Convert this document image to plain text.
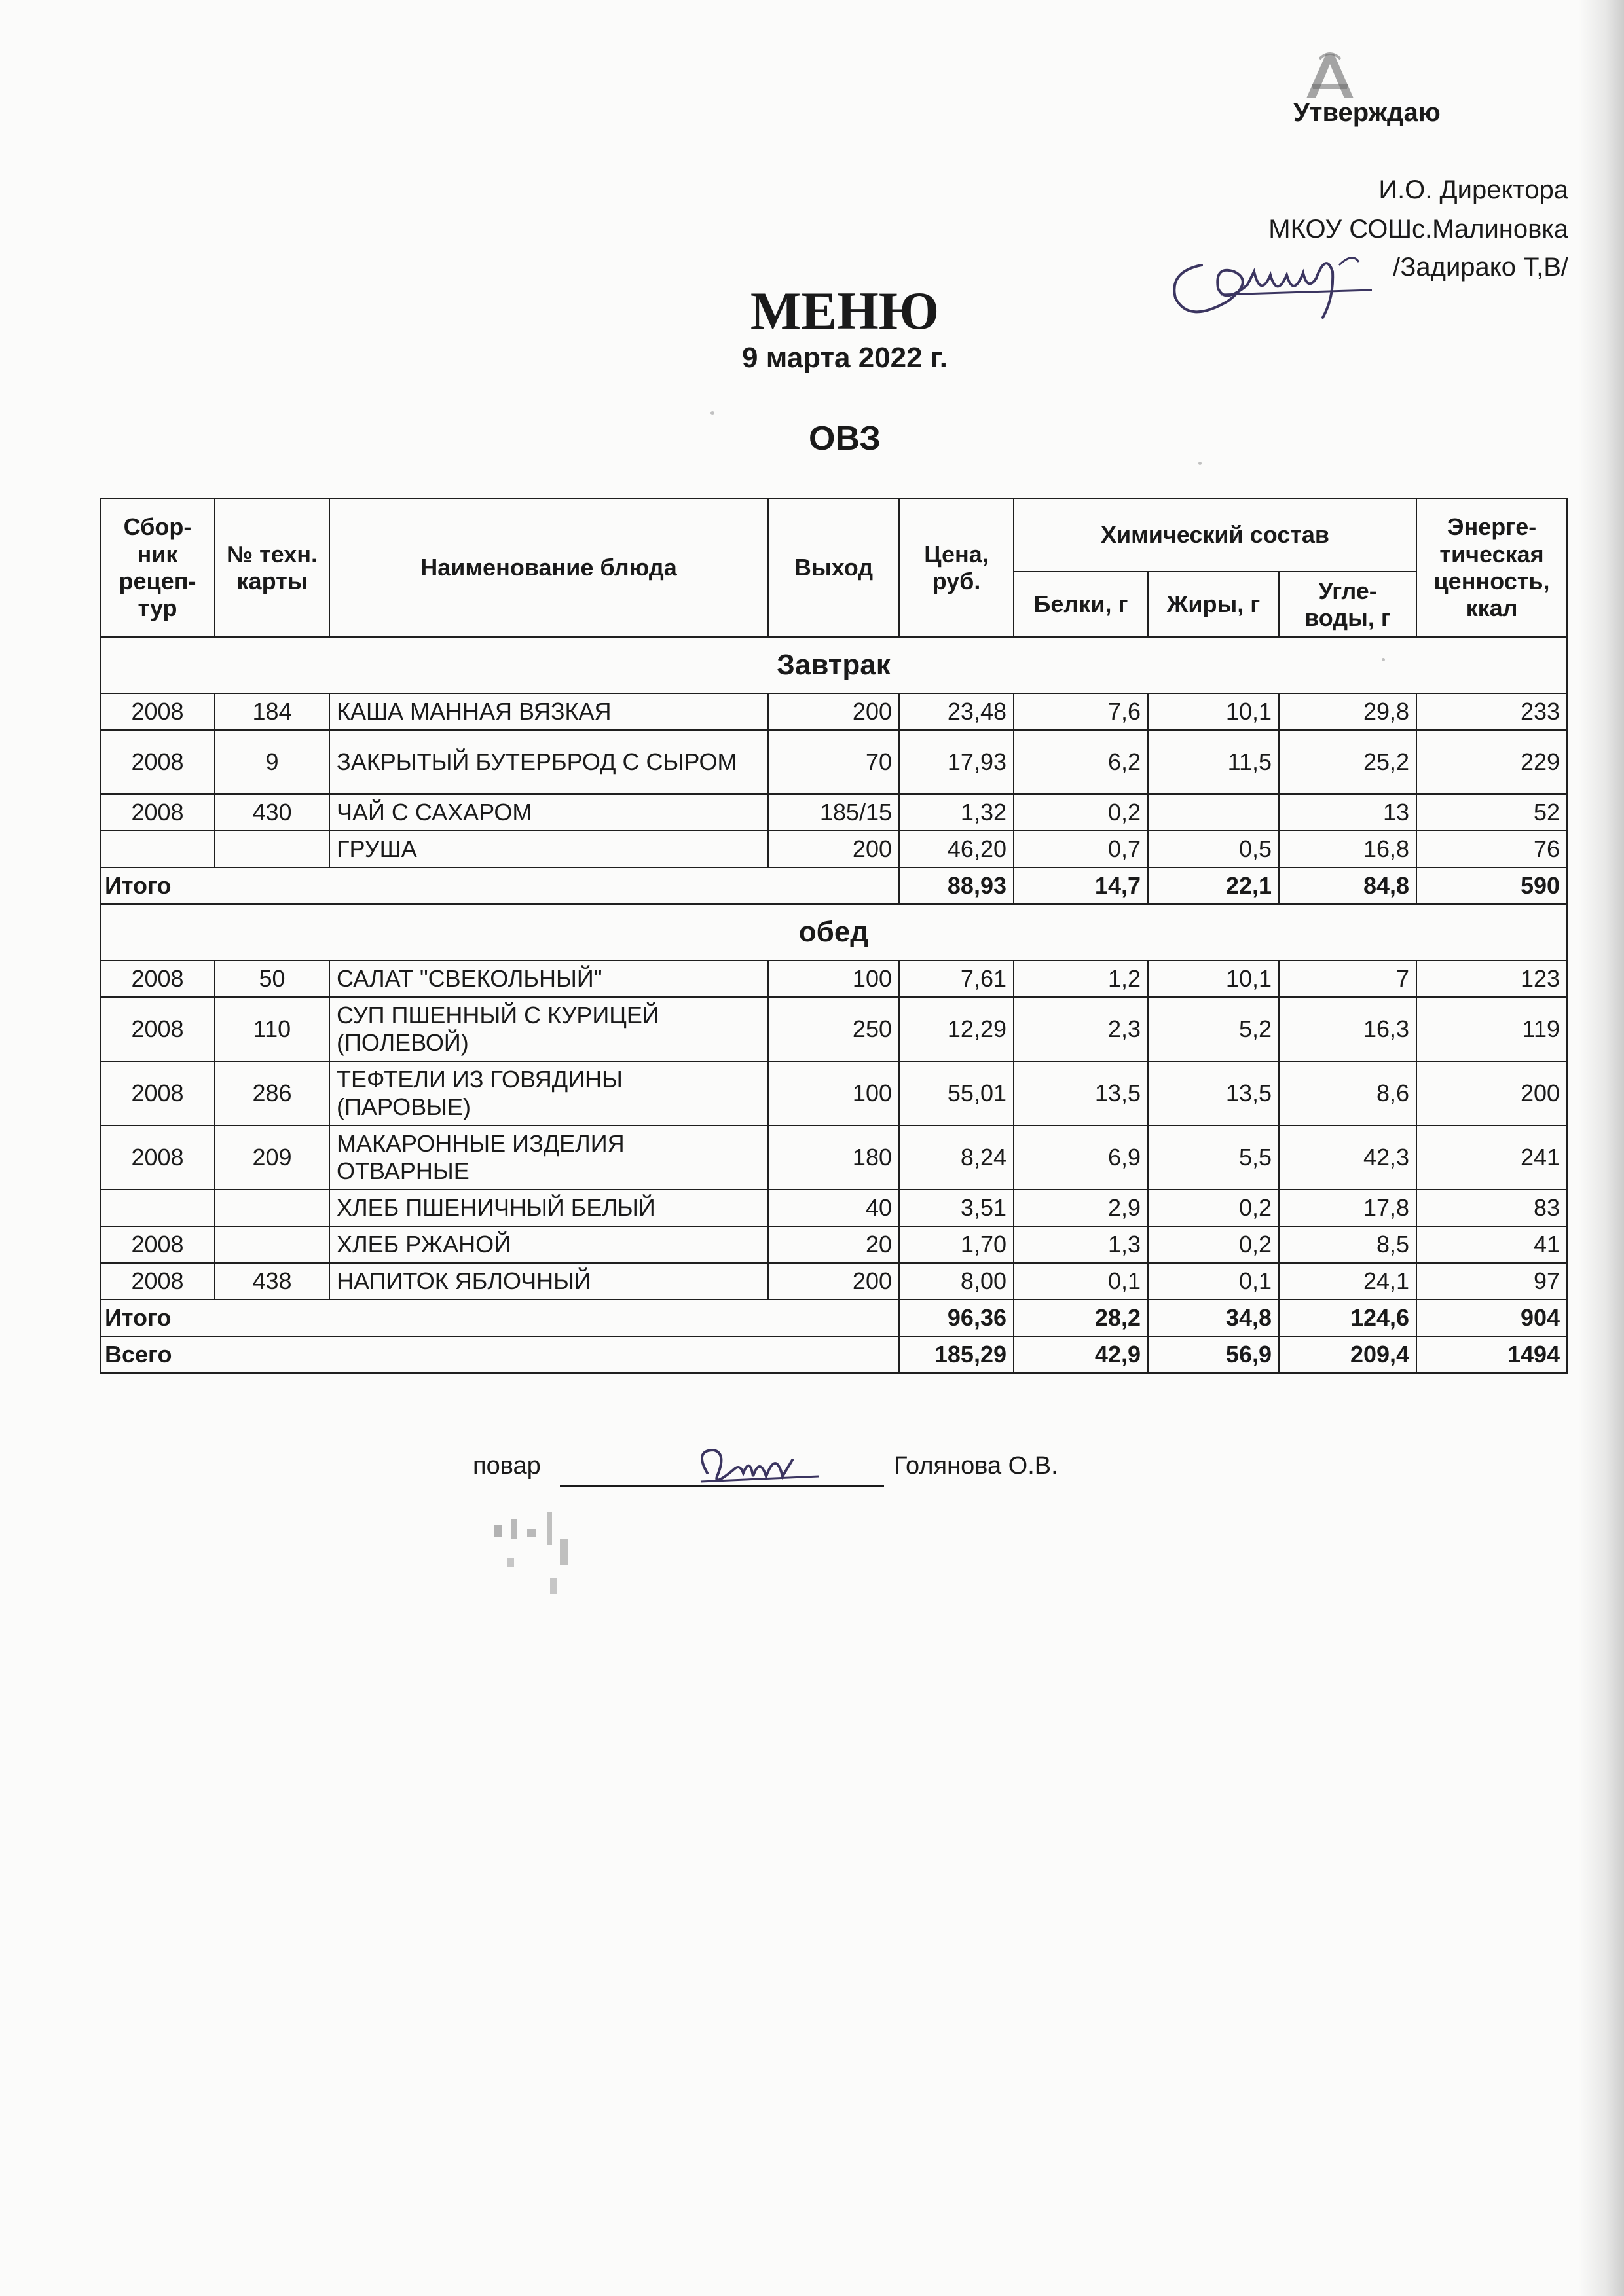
Утверждаю
И.О. Директора
МКОУ СОШс.Малиновка
/Задирако Т,В/
МЕНЮ
9 марта 2022 г.
ОВЗ
Сбор-ник рецеп-тур	№ техн. карты	Наименование блюда	Выход	Цена, руб.	Химический состав			Энерге-тическая ценность, ккал
					Белки, г	Жиры, г	Угле-воды, г	
Завтрак								
2008	184	КАША МАННАЯ ВЯЗКАЯ	200	23,48	7,6	10,1	29,8	233
2008	9	ЗАКРЫТЫЙ БУТЕРБРОД С СЫРОМ	70	17,93	6,2	11,5	25,2	229
2008	430	ЧАЙ С САХАРОМ	185/15	1,32	0,2		13	52
		ГРУША	200	46,20	0,7	0,5	16,8	76
Итого				88,93	14,7	22,1	84,8	590
обед								
2008	50	САЛАТ "СВЕКОЛЬНЫЙ"	100	7,61	1,2	10,1	7	123
2008	110	СУП ПШЕННЫЙ С КУРИЦЕЙ (ПОЛЕВОЙ)	250	12,29	2,3	5,2	16,3	119
2008	286	ТЕФТЕЛИ ИЗ ГОВЯДИНЫ (ПАРОВЫЕ)	100	55,01	13,5	13,5	8,6	200
2008	209	МАКАРОННЫЕ ИЗДЕЛИЯ ОТВАРНЫЕ	180	8,24	6,9	5,5	42,3	241
		ХЛЕБ ПШЕНИЧНЫЙ БЕЛЫЙ	40	3,51	2,9	0,2	17,8	83
2008		ХЛЕБ РЖАНОЙ	20	1,70	1,3	0,2	8,5	41
2008	438	НАПИТОК ЯБЛОЧНЫЙ	200	8,00	0,1	0,1	24,1	97
Итого				96,36	28,2	34,8	124,6	904
Всего				185,29	42,9	56,9	209,4	1494
повар	Голянова О.В.
